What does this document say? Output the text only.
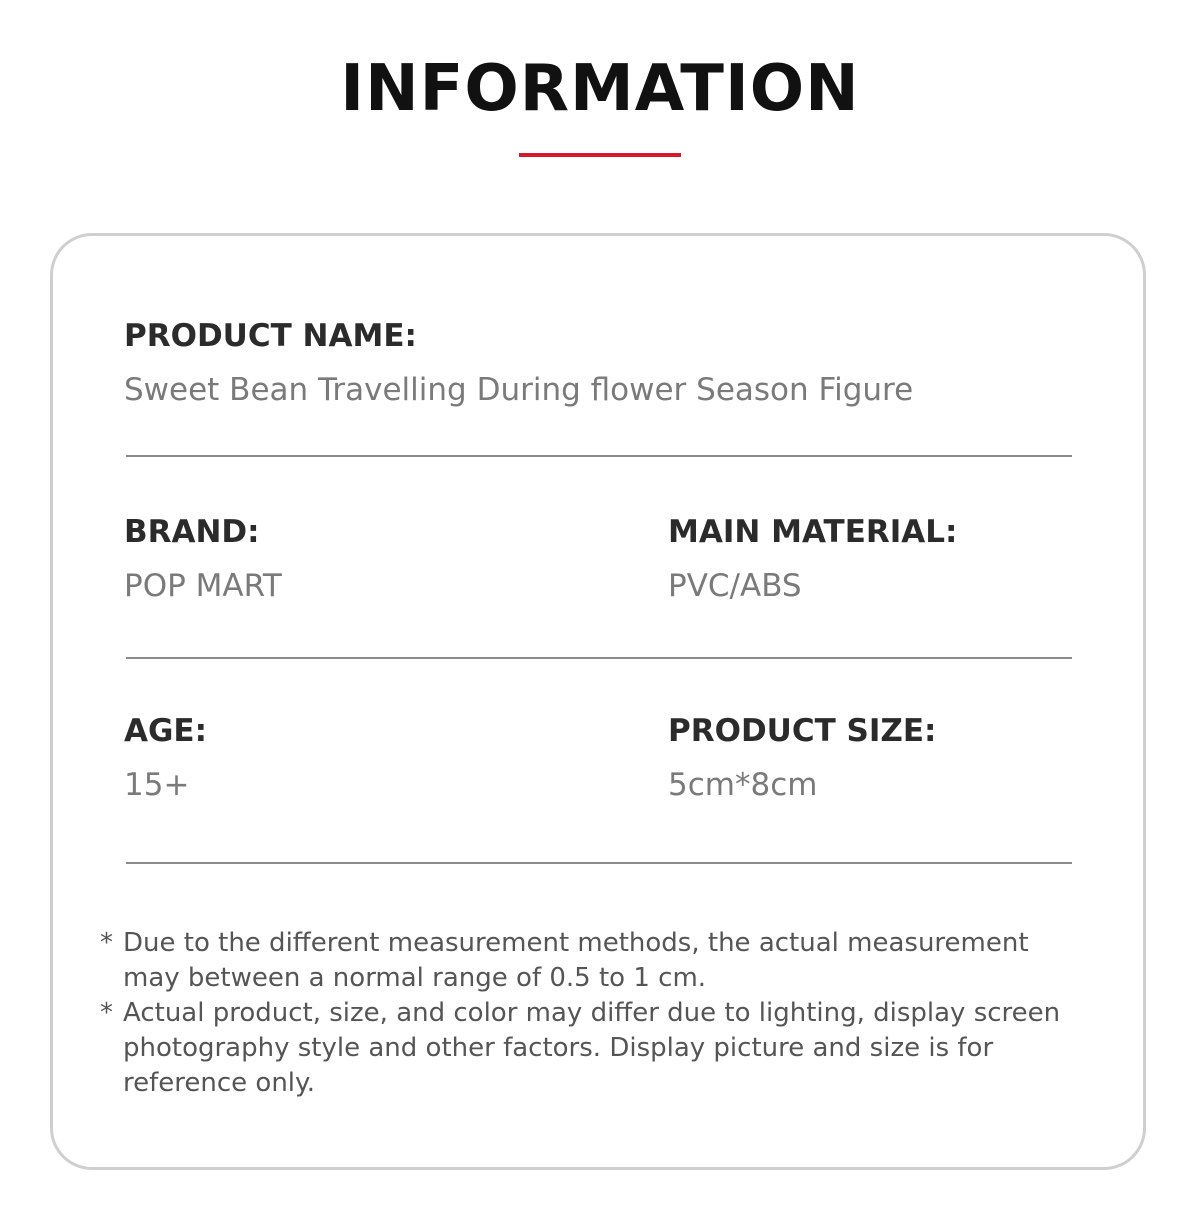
INFORMATION
PRODUCT NAME:
Sweet Bean Travelling During flower Season Figure
BRAND:
POP MART
MAIN MATERIAL:
PVC/ABS
AGE:
15+
PRODUCT SIZE:
5cm*8cm
* Due to the different measurement methods, the actual measurement may between a normal range of 0.5 to 1 cm.
* Actual product, size, and color may differ due to lighting, display screen photography style and other factors. Display picture and size is for reference only.
